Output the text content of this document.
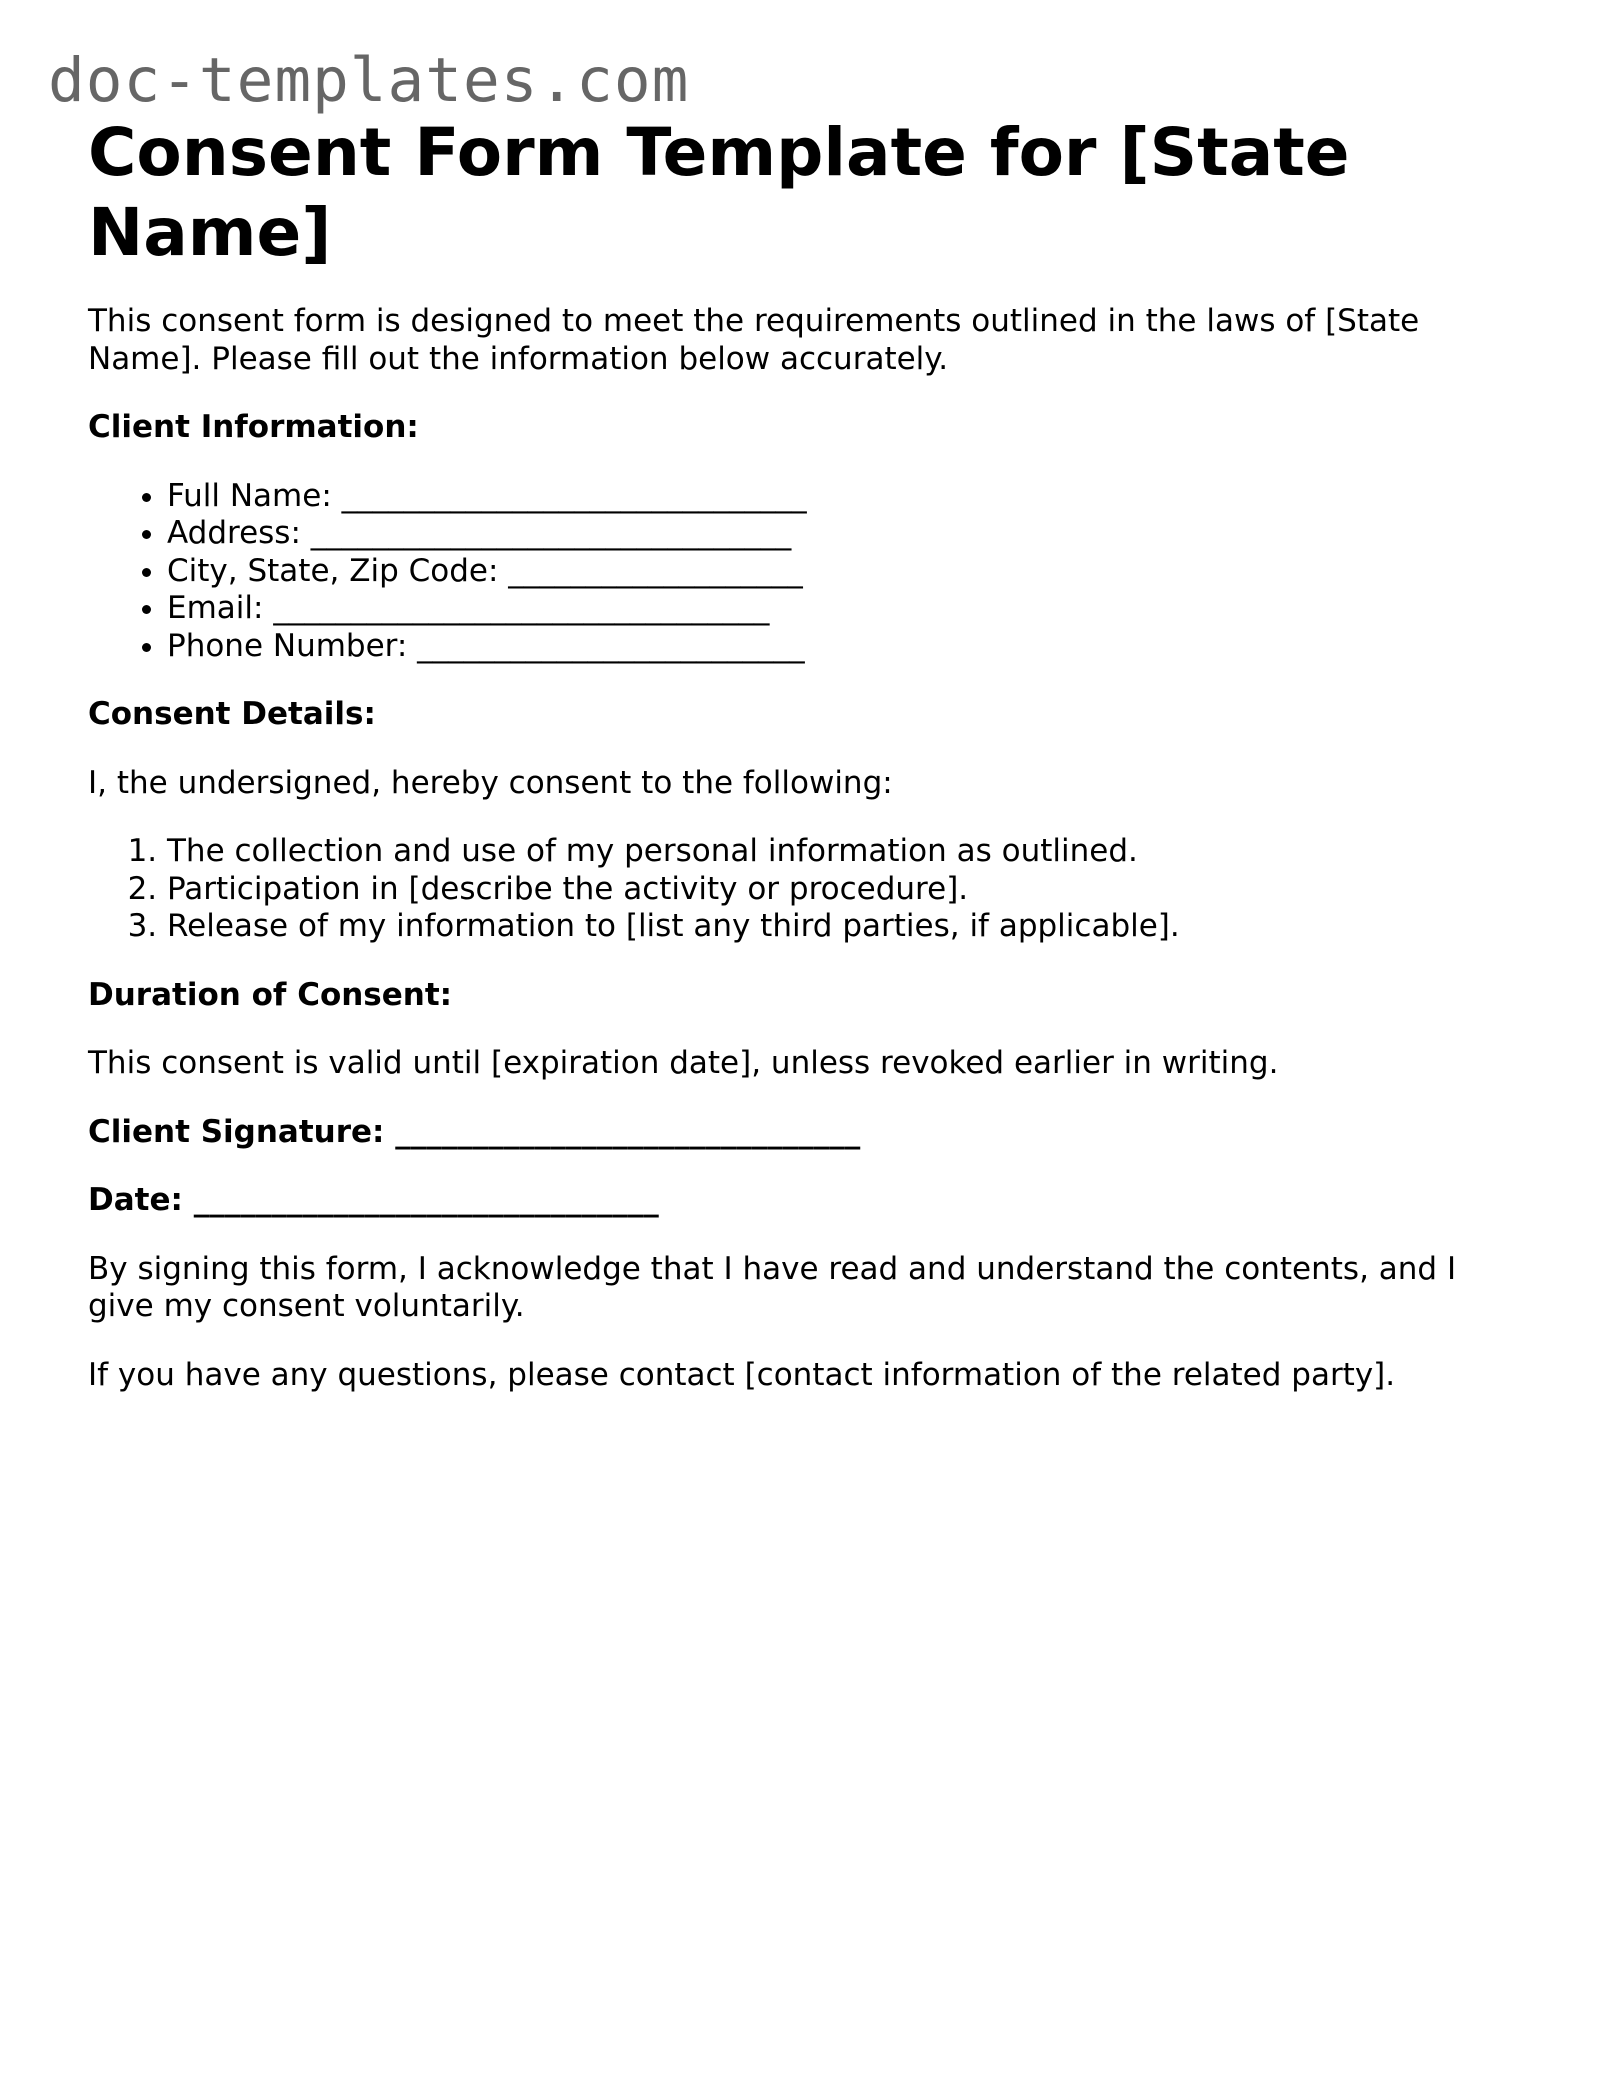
doc-templates.com
Consent Form Template for [State Name]

This consent form is designed to meet the requirements outlined in the laws of [State Name]. Please fill out the information below accurately.

Client Information:

• Full Name: ______________________________
• Address: _______________________________
• City, State, Zip Code: ___________________
• Email: ________________________________
• Phone Number: _________________________

Consent Details:

I, the undersigned, hereby consent to the following:

1. The collection and use of my personal information as outlined.
2. Participation in [describe the activity or procedure].
3. Release of my information to [list any third parties, if applicable].

Duration of Consent:

This consent is valid until [expiration date], unless revoked earlier in writing.

Client Signature: ______________________________

Date: ______________________________

By signing this form, I acknowledge that I have read and understand the contents, and I give my consent voluntarily.

If you have any questions, please contact [contact information of the related party].
